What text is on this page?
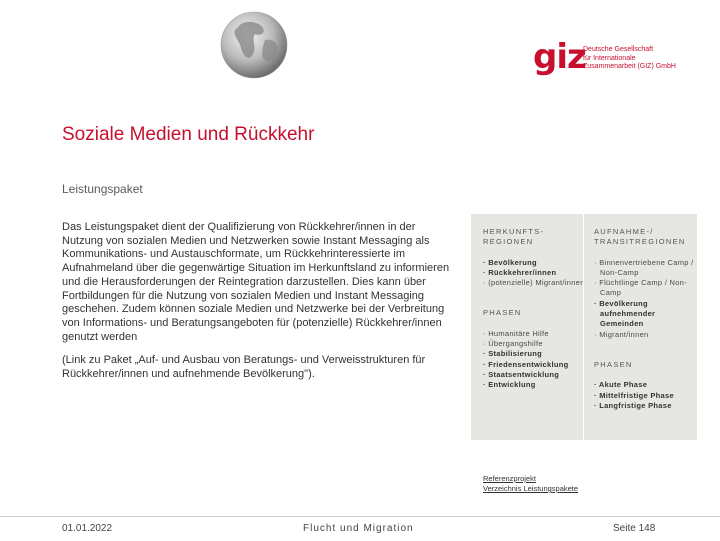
giz
Deutsche Gesellschaft
für Internationale
Zusammenarbeit (GIZ) GmbH
Soziale Medien und Rückkehr
Leistungspaket

Das Leistungspaket dient der Qualifizierung von Rückkehrer/innen in der Nutzung von sozialen Medien und Netzwerken sowie Instant Messaging als Kommunikations- und Austauschformate, um Rückkehrinteressierte im Aufnahmeland über die gegenwärtige Situation im Herkunftsland zu informieren und die Herausforderungen der Reintegration darzustellen. Dies kann über Fortbildungen für die Nutzung von sozialen Medien und Instant Messaging geschehen. Zudem können soziale Medien und Netzwerke bei der Verbreitung von Informations- und Beratungsangeboten für (potenzielle) Rückkehrer/innen genutzt werden

(Link zu Paket „Auf- und Ausbau von Beratungs- und Verweisstrukturen für Rückkehrer/innen und aufnehmende Bevölkerung").

HERKUNFTS-REGIONEN
· Bevölkerung
· Rückkehrer/innen
· (potenzielle) Migrant/innen
PHASEN
· Humanitäre Hilfe
· Übergangshilfe
· Stabilisierung
· Friedensentwicklung
· Staatsentwicklung
· Entwicklung
AUFNAHME-/ TRANSITREGIONEN
· Binnenvertriebene Camp / Non-Camp
· Flüchtlinge Camp / Non-Camp
· Bevölkerung aufnehmender Gemeinden
· Migrant/innen
PHASEN
· Akute Phase
· Mittelfristige Phase
· Langfristige Phase
Referenzprojekt
Verzeichnis Leistungspakete
01.01.2022	Flucht und Migration	Seite 148
